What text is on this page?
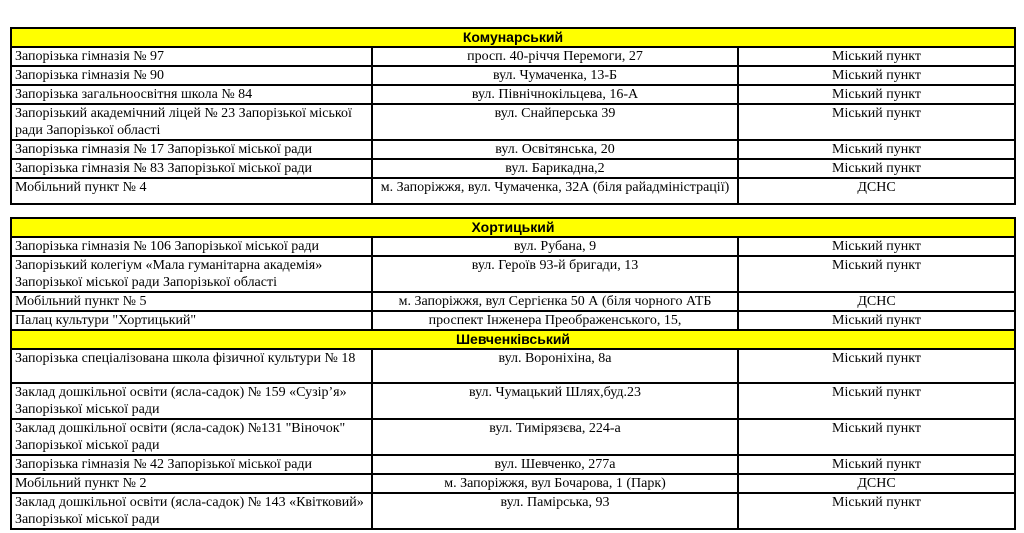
Комунарський		
Запорізька гімназія № 97	просп. 40-річчя Перемоги, 27	Міський пункт
Запорізька гімназія № 90	вул. Чумаченка, 13-Б	Міський пункт
Запорізька загальноосвітня школа № 84	вул. Північнокільцева, 16-А	Міський пункт
Запорізький академічний ліцей № 23 Запорізької міської ради Запорізької області	вул. Снайперська 39	Міський пункт
Запорізька гімназія № 17 Запорізької міської ради	вул. Освітянська, 20	Міський пункт
Запорізька гімназія № 83 Запорізької міської ради	вул. Барикадна,2	Міський пункт
Мобільний пункт № 4	м. Запоріжжя, вул. Чумаченка, 32А (біля райадміністрації)	ДСНС
Хортицький		
Запорізька гімназія № 106 Запорізької міської ради	вул. Рубана, 9	Міський пункт
Запорізький колегіум «Мала гуманітарна академія» Запорізької міської ради Запорізької області	вул. Героїв 93-й бригади, 13	Міський пункт
Мобільний пункт № 5	м. Запоріжжя, вул Сергієнка 50 А (біля чорного АТБ	ДСНС
Палац культури "Хортицький"	проспект Інженера Преображенського, 15,	Міський пункт
Шевченківський		
Запорізька спеціалізована школа фізичної культури № 18	вул. Вороніхіна, 8а	Міський пункт
Заклад дошкільної освіти (ясла-садок) № 159 «Сузір’я» Запорізької міської ради	вул. Чумацький Шлях,буд.23	Міський пункт
Заклад дошкільної освіти (ясла-садок) №131 "Віночок" Запорізької міської ради	вул. Тимірязєва, 224-а	Міський пункт
Запорізька гімназія № 42 Запорізької міської ради	вул. Шевченко, 277а	Міський пункт
Мобільний пункт № 2	м. Запоріжжя, вул Бочарова, 1 (Парк)	ДСНС
Заклад дошкільної освіти (ясла-садок) № 143 «Квітковий» Запорізької міської ради	вул. Памірська, 93	Міський пункт
